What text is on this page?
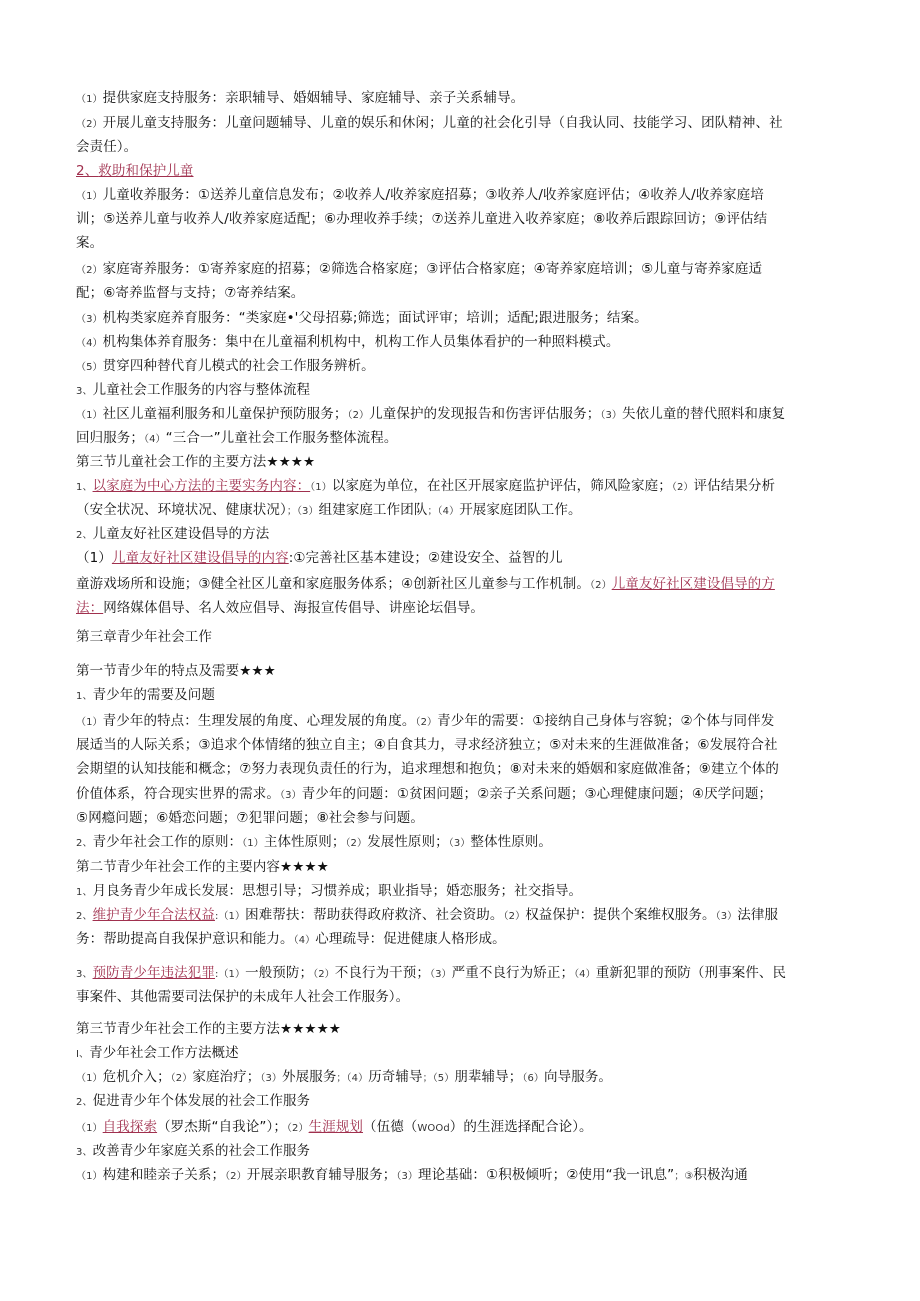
（1）提供家庭支持服务：亲职辅导、婚姻辅导、家庭辅导、亲子关系辅导。
（2）开展儿童支持服务：儿童问题辅导、儿童的娱乐和休闲；儿童的社会化引导（自我认同、技能学习、团队精神、社
会责任）。
2、救助和保护儿童
（1）儿童收养服务：①送养儿童信息发布；②收养人/收养家庭招募；③收养人/收养家庭评估；④收养人/收养家庭培
训；⑤送养儿童与收养人/收养家庭适配；⑥办理收养手续；⑦送养儿童进入收养家庭；⑧收养后跟踪回访；⑨评估结
案。
（2）家庭寄养服务：①寄养家庭的招募；②筛选合格家庭；③评估合格家庭；④寄养家庭培训；⑤儿童与寄养家庭适
配；⑥寄养监督与支持；⑦寄养结案。
（3）机构类家庭养育服务：“类家庭•'父母招募;筛选；面试评审；培训；适配;跟进服务；结案。
（4）机构集体养育服务：集中在儿童福利机构中，机构工作人员集体看护的一种照料模式。
（5）贯穿四种替代育儿模式的社会工作服务辨析。
3、儿童社会工作服务的内容与整体流程
（1）社区儿童福利服务和儿童保护预防服务；（2）儿童保护的发现报告和伤害评估服务；（3）失依儿童的替代照料和康复
回归服务；（4）“三合一”儿童社会工作服务整体流程。
第三节儿童社会工作的主要方法★★★★
1、以家庭为中心方法的主要实务内容：（1）以家庭为单位，在社区开展家庭监护评估，筛风险家庭；（2）评估结果分析
（安全状况、环境状况、健康状况）；（3）组建家庭工作团队；（4）开展家庭团队工作。
2、儿童友好社区建设倡导的方法
（1）儿童友好社区建设倡导的内容:①完善社区基本建设；②建设安全、益智的儿
童游戏场所和设施；③健全社区儿童和家庭服务体系；④创新社区儿童参与工作机制。（2）儿童友好社区建设倡导的方
法：网络媒体倡导、名人效应倡导、海报宣传倡导、讲座论坛倡导。
第三章青少年社会工作
第一节青少年的特点及需要★★★
1、青少年的需要及问题
（1）青少年的特点：生理发展的角度、心理发展的角度。（2）青少年的需要：①接纳自己身体与容貌；②个体与同伴发
展适当的人际关系；③追求个体情绪的独立自主；④自食其力，寻求经济独立；⑤对未来的生涯做准备；⑥发展符合社
会期望的认知技能和概念；⑦努力表现负责任的行为，追求理想和抱负；⑧对未来的婚姻和家庭做准备；⑨建立个体的
价值体系，符合现实世界的需求。（3）青少年的问题：①贫困问题；②亲子关系问题；③心理健康问题；④厌学问题；
⑤网瘾问题；⑥婚恋问题；⑦犯罪问题；⑧社会参与问题。
2、青少年社会工作的原则：（1）主体性原则；（2）发展性原则；（3）整体性原则。
第二节青少年社会工作的主要内容★★★★
1、月良务青少年成长发展：思想引导；习惯养成；职业指导；婚恋服务；社交指导。
2、维护青少年合法权益:（1）困难帮扶：帮助获得政府救济、社会资助。（2）权益保护：提供个案维权服务。（3）法律服
务：帮助提高自我保护意识和能力。（4）心理疏导：促进健康人格形成。
3、预防青少年违法犯罪:（1）一般预防；（2）不良行为干预；（3）严重不良行为矫正；（4）重新犯罪的预防（刑事案件、民
事案件、其他需要司法保护的未成年人社会工作服务）。
第三节青少年社会工作的主要方法★★★★★
I、青少年社会工作方法概述
（1）危机介入；（2）家庭治疗；（3）外展服务；（4）历奇辅导；（5）朋辈辅导；（6）向导服务。
2、促进青少年个体发展的社会工作服务
（1）自我探索（罗杰斯“自我论”）；（2）生涯规划（伍德（WOOd）的生涯选择配合论）。
3、改善青少年家庭关系的社会工作服务
（1）构建和睦亲子关系；（2）开展亲职教育辅导服务；（3）理论基础：①积极倾听；②使用“我一讯息”；③积极沟通
